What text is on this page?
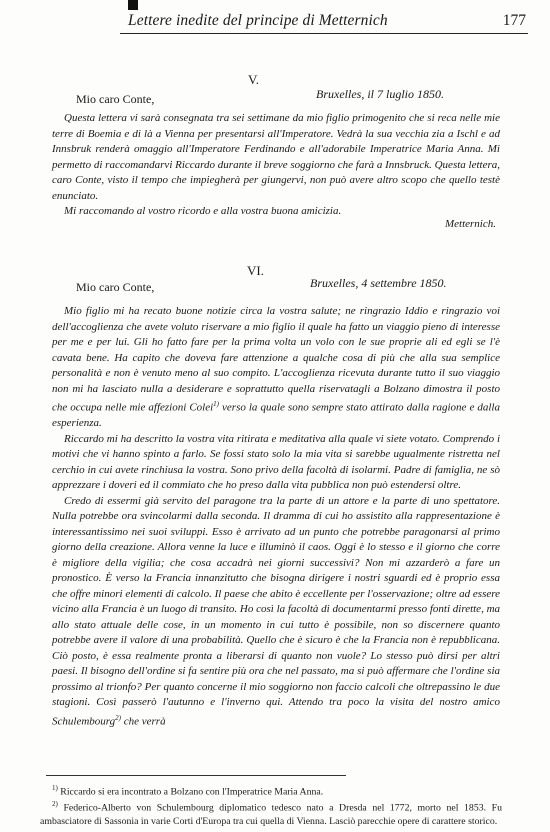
Lettere inedite del principe di Metternich	177
V.
Mio caro Conte,	Bruxelles, il 7 luglio 1850.

Questa lettera vi sarà consegnata tra sei settimane da mio figlio primogenito che si reca nelle mie terre di Boemia e di là a Vienna per presentarsi all'Imperatore. Vedrà la sua vecchia zia a Ischl e ad Innsbruk renderà omaggio all'Imperatore Ferdinando e all'adorabile Imperatrice Maria Anna. Mi permetto di raccomandarvi Riccardo durante il breve soggiorno che farà a Innsbruck. Questa lettera, caro Conte, visto il tempo che impiegherà per giungervi, non può avere altro scopo che quello testè enunciato.

Mi raccomando al vostro ricordo e alla vostra buona amicizia.

Metternich.
VI.
Mio caro Conte,	Bruxelles, 4 settembre 1850.

Mio figlio mi ha recato buone notizie circa la vostra salute; ne ringrazio Iddio e ringrazio voi dell'accoglienza che avete voluto riservare a mio figlio il quale ha fatto un viaggio pieno di interesse per me e per lui. Gli ho fatto fare per la prima volta un volo con le sue proprie ali ed egli se l'è cavata bene. Ha capito che doveva fare attenzione a qualche cosa di più che alla sua semplice personalità e non è venuto meno al suo compito. L'accoglienza ricevuta durante tutto il suo viaggio non mi ha lasciato nulla a desiderare e soprattutto quella riservatagli a Bolzano dimostra il posto che occupa nelle mie affezioni Colei$^{1)}$ verso la quale sono sempre stato attirato dalla ragione e dalla esperienza.

Riccardo mi ha descritto la vostra vita ritirata e meditativa alla quale vi siete votato. Comprendo i motivi che vi hanno spinto a farlo. Se fossi stato solo la mia vita si sarebbe ugualmente ristretta nel cerchio in cui avete rinchiusa la vostra. Sono privo della facoltà di isolarmi. Padre di famiglia, ne sò apprezzare i doveri ed il commiato che ho preso dalla vita pubblica non può estendersi oltre.

Credo di essermi già servito del paragone tra la parte di un attore e la parte di uno spettatore. Nulla potrebbe ora svincolarmi dalla seconda. Il dramma di cui ho assistito alla rappresentazione è interessantissimo nei suoi sviluppi. Esso è arrivato ad un punto che potrebbe paragonarsi al primo giorno della creazione. Allora venne la luce e illuminò il caos. Oggi è lo stesso e il giorno che corre è migliore della vigilia; che cosa accadrà nei giorni successivi? Non mi azzarderò a fare un pronostico. È verso la Francia innanzitutto che bisogna dirigere i nostri sguardi ed è proprio essa che offre minori elementi di calcolo. Il paese che abito è eccellente per l'osservazione; oltre ad essere vicino alla Francia è un luogo di transito. Ho così la facoltà di documentarmi presso fonti dirette, ma allo stato attuale delle cose, in un momento in cui tutto è possibile, non so discernere quanto potrebbe avere il valore di una probabilità. Quello che è sicuro è che la Francia non è repubblicana. Ciò posto, è essa realmente pronta a liberarsi di quanto non vuole? Lo stesso può dirsi per altri paesi. Il bisogno dell'ordine si fa sentire più ora che nel passato, ma si può affermare che l'ordine sia prossimo al trionfo? Per quanto concerne il mio soggiorno non faccio calcoli che oltrepassino le due stagioni. Così passerò l'autunno e l'inverno qui. Attendo tra poco la visita del nostro amico Schulembourg$^{2)}$ che verrà

$^{1)}$ Riccardo si era incontrato a Bolzano con l'Imperatrice Maria Anna.

$^{2)}$ Federico-Alberto von Schulembourg diplomatico tedesco nato a Dresda nel 1772, morto nel 1853. Fu ambasciatore di Sassonia in varie Corti d'Europa tra cui quella di Vienna. Lasciò parecchie opere di carattere storico.
